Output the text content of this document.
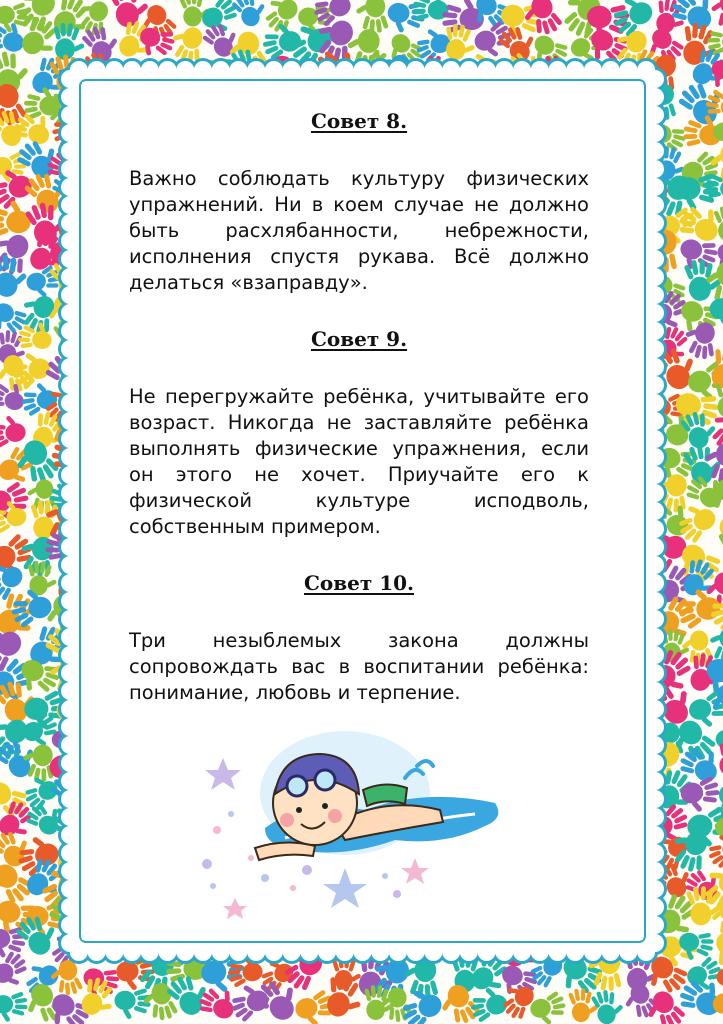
Совет 8.

Важно соблюдать культуру физических упражнений. Ни в коем случае не должно быть расхлябанности, небрежности, исполнения спустя рукава. Всё должно делаться «взаправду».

Совет 9.

Не перегружайте ребёнка, учитывайте его возраст. Никогда не заставляйте ребёнка выполнять физические упражнения, если он этого не хочет. Приучайте его к физической культуре исподволь, собственным примером.

Совет 10.

Три незыблемых закона должны сопровождать вас в воспитании ребёнка: понимание, любовь и терпение.
